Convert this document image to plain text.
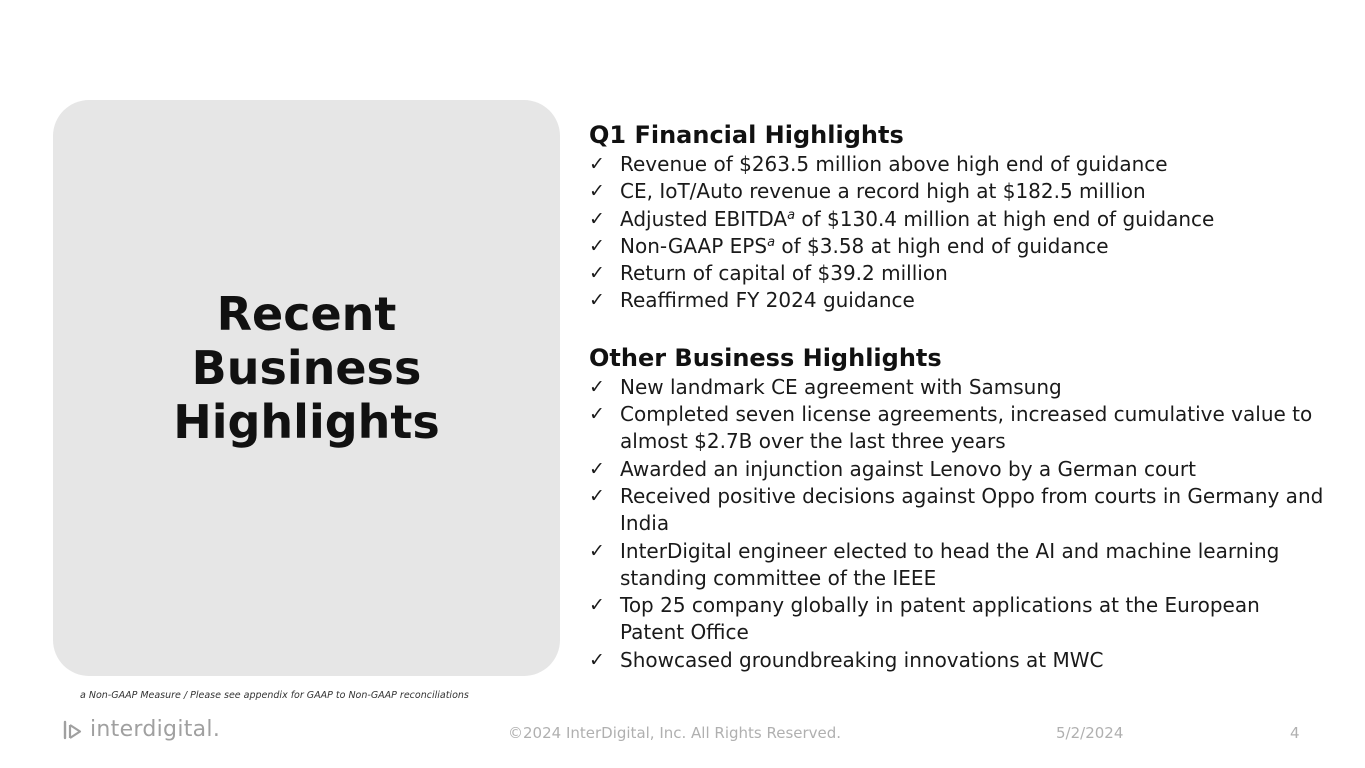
Recent
Business
Highlights
Q1 Financial Highlights
✓ Revenue of $263.5 million above high end of guidance
✓ CE, IoT/Auto revenue a record high at $182.5 million
✓ Adjusted EBITDA$^a$ of $130.4 million at high end of guidance
✓ Non-GAAP EPS$^a$ of $3.58 at high end of guidance
✓ Return of capital of $39.2 million
✓ Reaffirmed FY 2024 guidance
Other Business Highlights
✓ New landmark CE agreement with Samsung
✓ Completed seven license agreements, increased cumulative value to almost $2.7B over the last three years
✓ Awarded an injunction against Lenovo by a German court
✓ Received positive decisions against Oppo from courts in Germany and India
✓ InterDigital engineer elected to head the AI and machine learning standing committee of the IEEE
✓ Top 25 company globally in patent applications at the European Patent Office
✓ Showcased groundbreaking innovations at MWC
a Non-GAAP Measure / Please see appendix for GAAP to Non-GAAP reconciliations
interdigital .	©2024 InterDigital, Inc. All Rights Reserved.	5/2/2024	4
